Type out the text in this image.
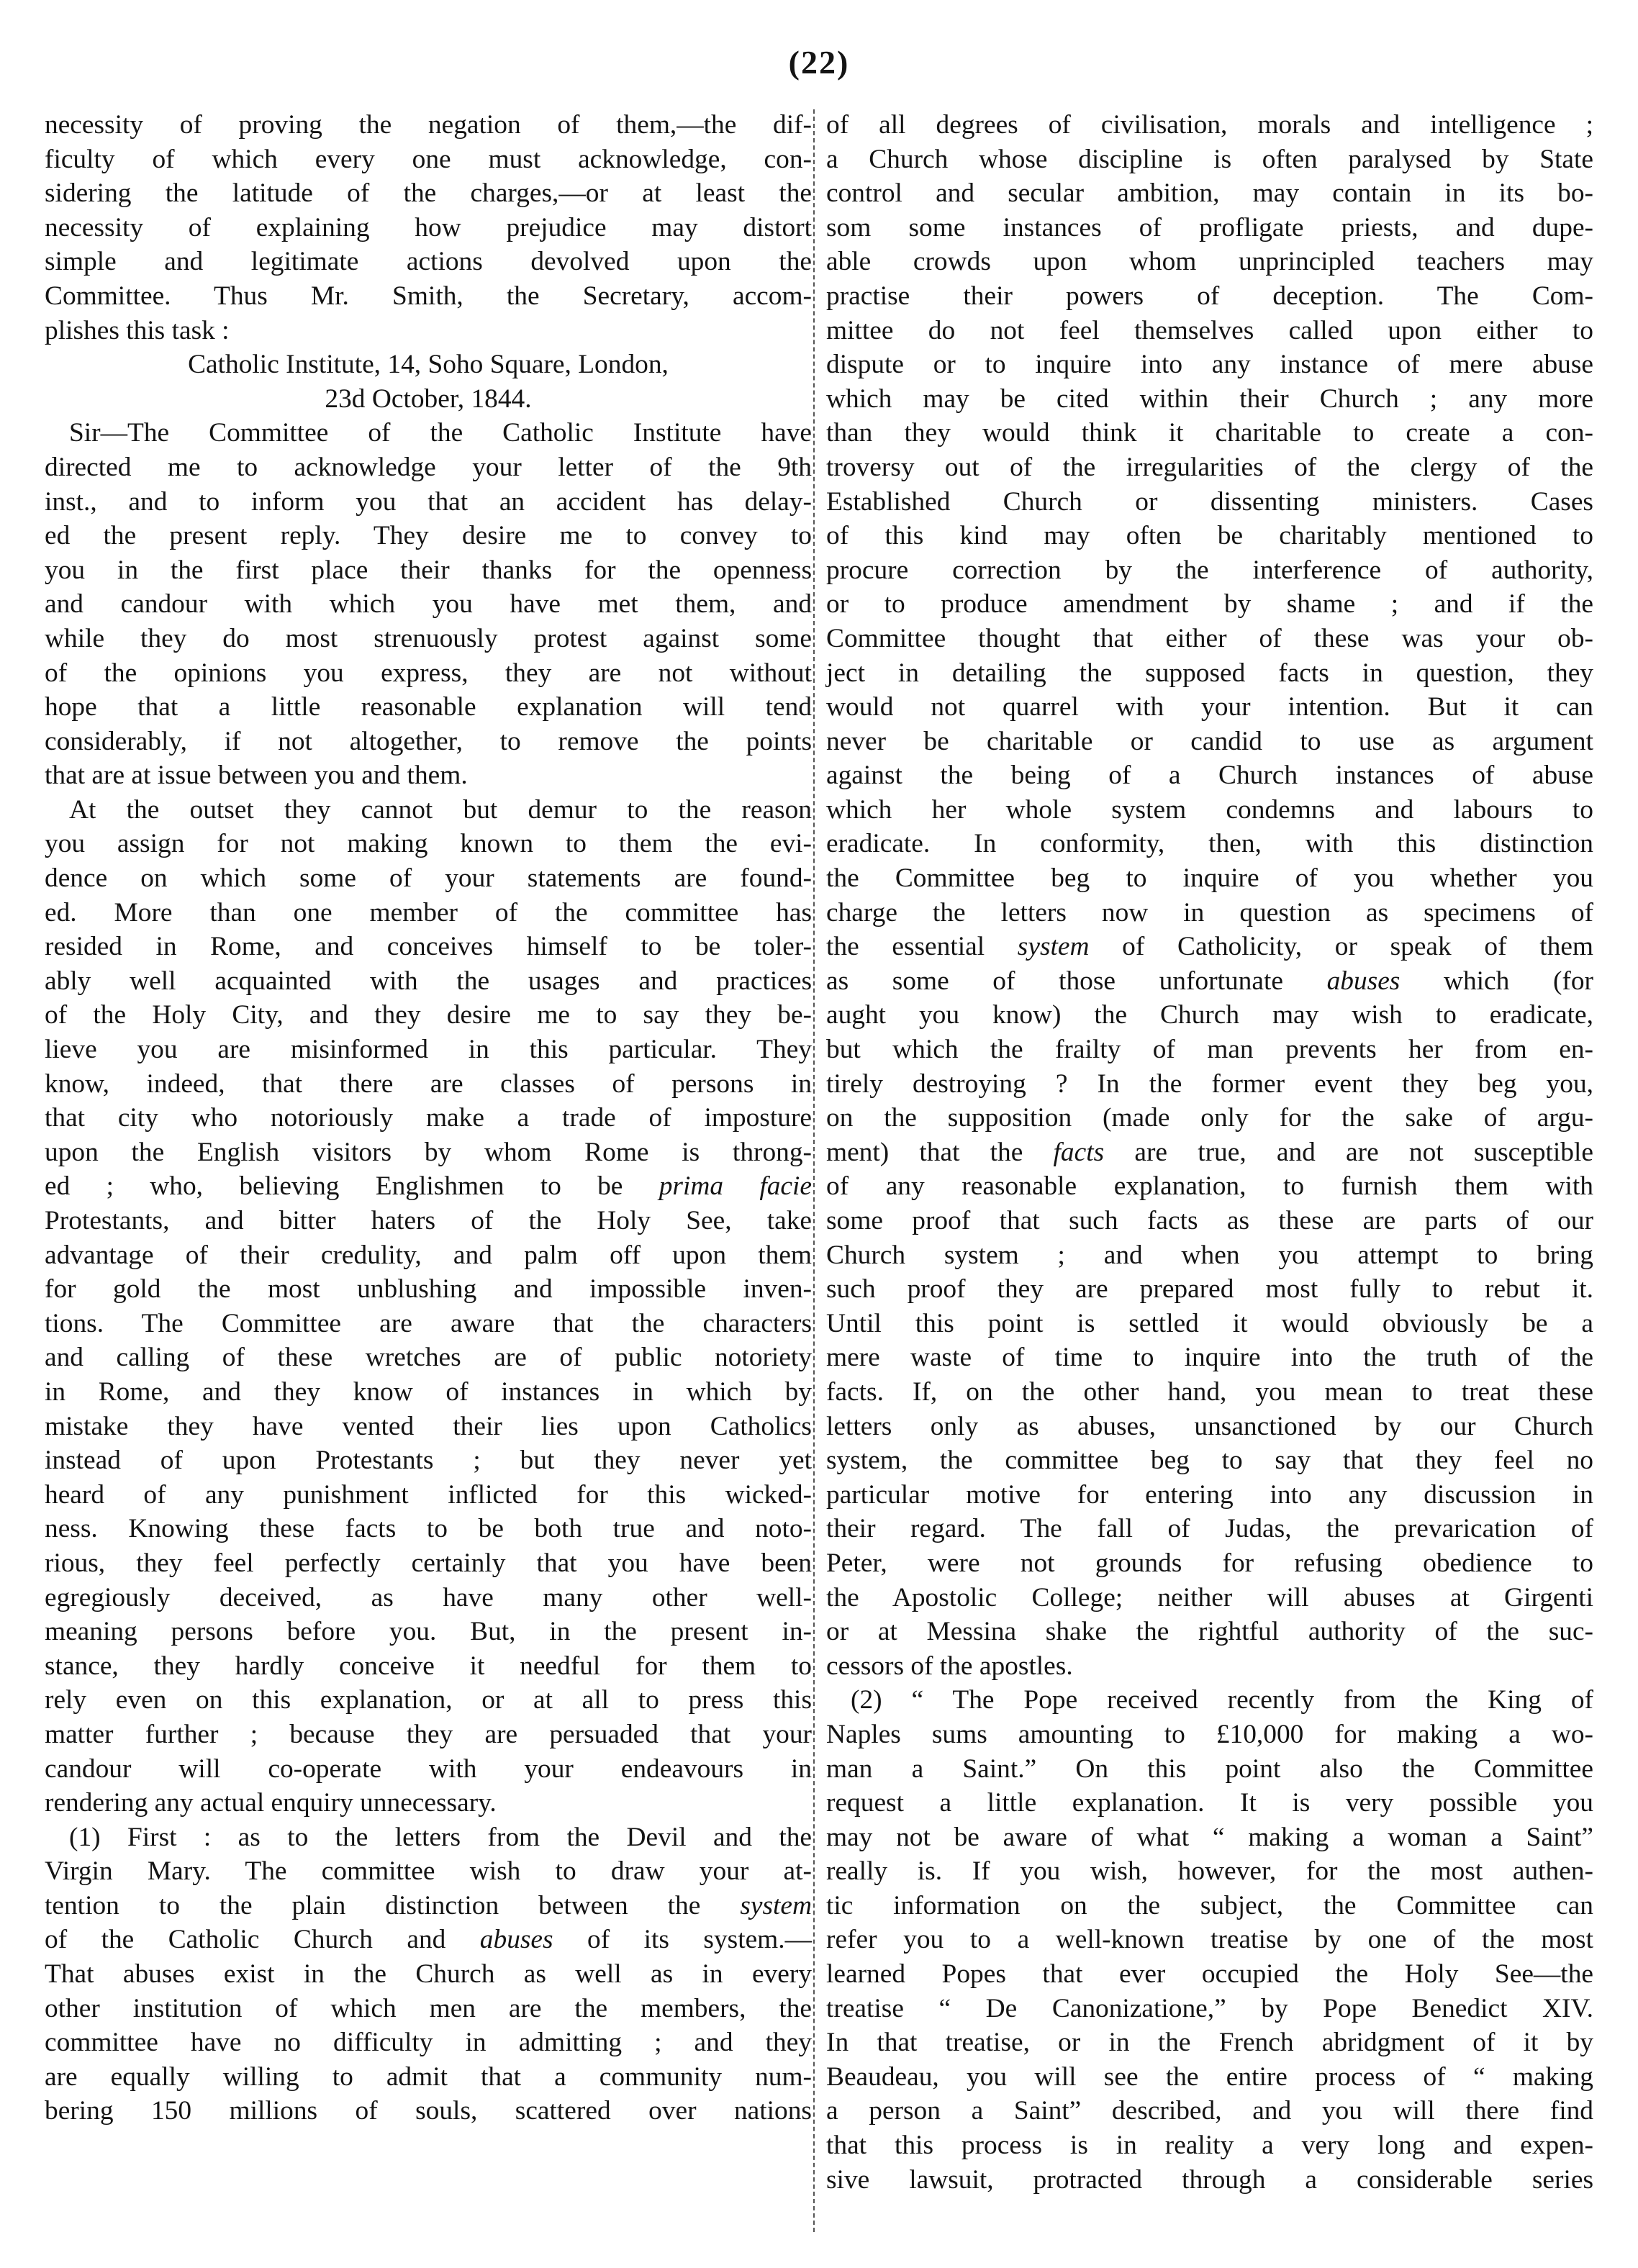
(22)
necessity of proving the negation of them,—the dif-
ficulty of which every one must acknowledge, con-
sidering the latitude of the charges,—or at least the
necessity of explaining how prejudice may distort
simple and legitimate actions devolved upon the
Committee. Thus Mr. Smith, the Secretary, accom-
plishes this task :
Catholic Institute, 14, Soho Square, London,
23d October, 1844.
Sir—The Committee of the Catholic Institute have
directed me to acknowledge your letter of the 9th
inst., and to inform you that an accident has delay-
ed the present reply. They desire me to convey to
you in the first place their thanks for the openness
and candour with which you have met them, and
while they do most strenuously protest against some
of the opinions you express, they are not without
hope that a little reasonable explanation will tend
considerably, if not altogether, to remove the points
that are at issue between you and them.
At the outset they cannot but demur to the reason
you assign for not making known to them the evi-
dence on which some of your statements are found-
ed. More than one member of the committee has
resided in Rome, and conceives himself to be toler-
ably well acquainted with the usages and practices
of the Holy City, and they desire me to say they be-
lieve you are misinformed in this particular. They
know, indeed, that there are classes of persons in
that city who notoriously make a trade of imposture
upon the English visitors by whom Rome is throng-
ed ; who, believing Englishmen to be prima facie
Protestants, and bitter haters of the Holy See, take
advantage of their credulity, and palm off upon them
for gold the most unblushing and impossible inven-
tions. The Committee are aware that the characters
and calling of these wretches are of public notoriety
in Rome, and they know of instances in which by
mistake they have vented their lies upon Catholics
instead of upon Protestants ; but they never yet
heard of any punishment inflicted for this wicked-
ness. Knowing these facts to be both true and noto-
rious, they feel perfectly certainly that you have been
egregiously deceived, as have many other well-
meaning persons before you. But, in the present in-
stance, they hardly conceive it needful for them to
rely even on this explanation, or at all to press this
matter further ; because they are persuaded that your
candour will co-operate with your endeavours in
rendering any actual enquiry unnecessary.
(1) First : as to the letters from the Devil and the
Virgin Mary. The committee wish to draw your at-
tention to the plain distinction between the system
of the Catholic Church and abuses of its system.—
That abuses exist in the Church as well as in every
other institution of which men are the members, the
committee have no difficulty in admitting ; and they
are equally willing to admit that a community num-
bering 150 millions of souls, scattered over nations
of all degrees of civilisation, morals and intelligence ;
a Church whose discipline is often paralysed by State
control and secular ambition, may contain in its bo-
som some instances of profligate priests, and dupe-
able crowds upon whom unprincipled teachers may
practise their powers of deception. The Com-
mittee do not feel themselves called upon either to
dispute or to inquire into any instance of mere abuse
which may be cited within their Church ; any more
than they would think it charitable to create a con-
troversy out of the irregularities of the clergy of the
Established Church or dissenting ministers. Cases
of this kind may often be charitably mentioned to
procure correction by the interference of authority,
or to produce amendment by shame ; and if the
Committee thought that either of these was your ob-
ject in detailing the supposed facts in question, they
would not quarrel with your intention. But it can
never be charitable or candid to use as argument
against the being of a Church instances of abuse
which her whole system condemns and labours to
eradicate. In conformity, then, with this distinction
the Committee beg to inquire of you whether you
charge the letters now in question as specimens of
the essential system of Catholicity, or speak of them
as some of those unfortunate abuses which (for
aught you know) the Church may wish to eradicate,
but which the frailty of man prevents her from en-
tirely destroying ? In the former event they beg you,
on the supposition (made only for the sake of argu-
ment) that the facts are true, and are not susceptible
of any reasonable explanation, to furnish them with
some proof that such facts as these are parts of our
Church system ; and when you attempt to bring
such proof they are prepared most fully to rebut it.
Until this point is settled it would obviously be a
mere waste of time to inquire into the truth of the
facts. If, on the other hand, you mean to treat these
letters only as abuses, unsanctioned by our Church
system, the committee beg to say that they feel no
particular motive for entering into any discussion in
their regard. The fall of Judas, the prevarication of
Peter, were not grounds for refusing obedience to
the Apostolic College; neither will abuses at Girgenti
or at Messina shake the rightful authority of the suc-
cessors of the apostles.
(2) “ The Pope received recently from the King of
Naples sums amounting to £10,000 for making a wo-
man a Saint.” On this point also the Committee
request a little explanation. It is very possible you
may not be aware of what “ making a woman a Saint”
really is. If you wish, however, for the most authen-
tic information on the subject, the Committee can
refer you to a well-known treatise by one of the most
learned Popes that ever occupied the Holy See—the
treatise “ De Canonizatione,” by Pope Benedict XIV.
In that treatise, or in the French abridgment of it by
Beaudeau, you will see the entire process of “ making
a person a Saint” described, and you will there find
that this process is in reality a very long and expen-
sive lawsuit, protracted through a considerable series
